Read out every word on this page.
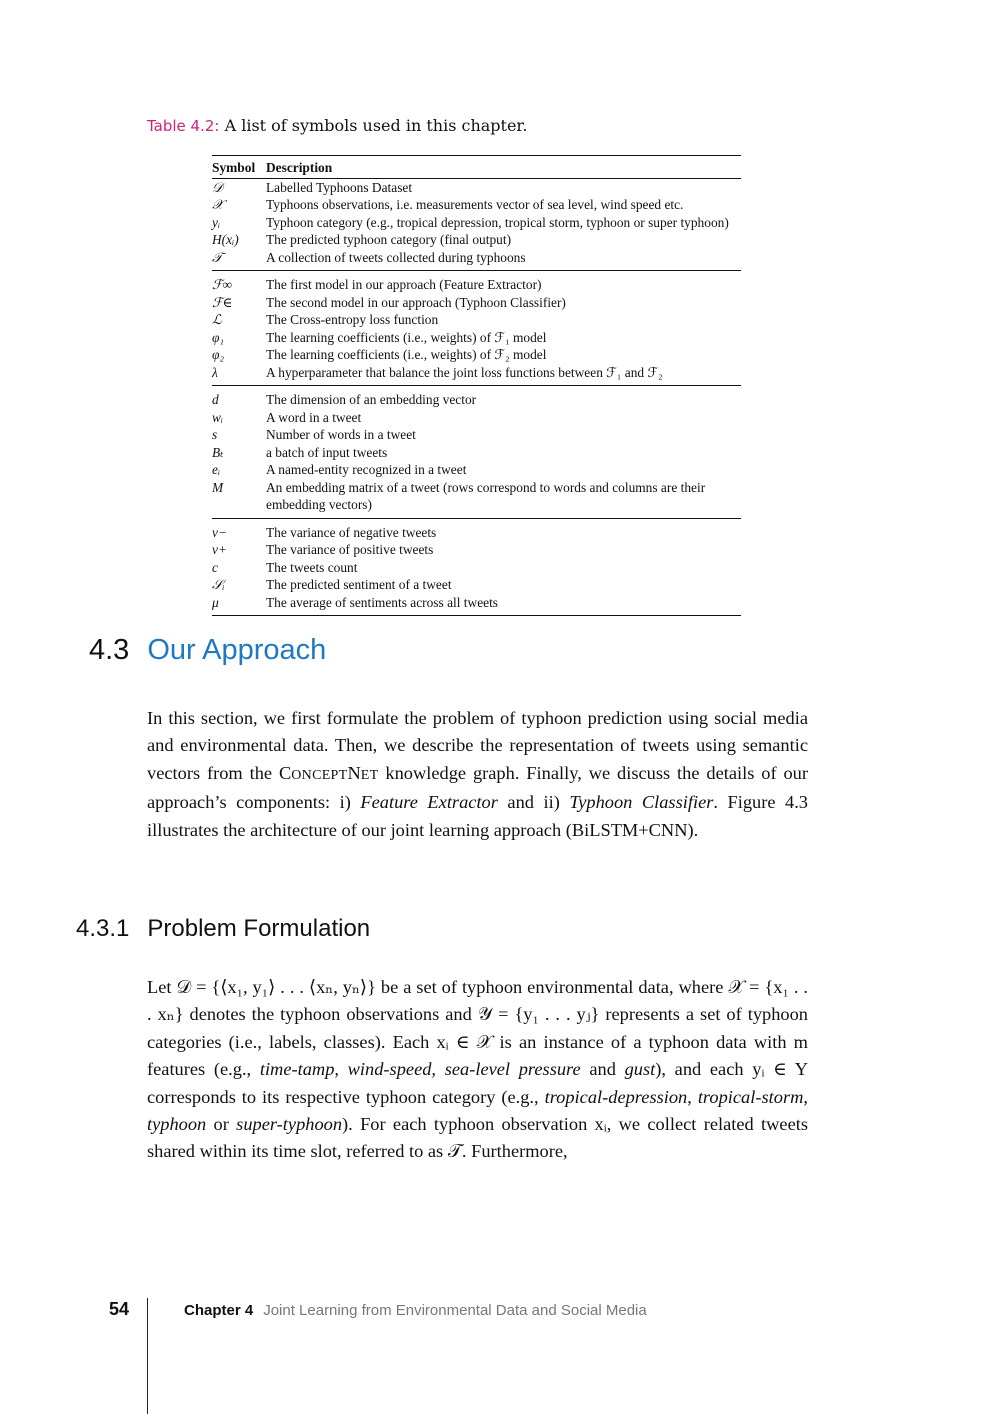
Table 4.2: A list of symbols used in this chapter.
Symbol	Description
𝒟	Labelled Typhoons Dataset
𝒳	Typhoons observations, i.e. measurements vector of sea level, wind speed etc.
yᵢ	Typhoon category (e.g., tropical depression, tropical storm, typhoon or super typhoon)
H(xᵢ)	The predicted typhoon category (final output)
𝒯	A collection of tweets collected during typhoons
ℱ∞	The first model in our approach (Feature Extractor)
ℱ∈	The second model in our approach (Typhoon Classifier)
ℒ	The Cross-entropy loss function
φ₁	The learning coefficients (i.e., weights) of ℱ₁ model
φ₂	The learning coefficients (i.e., weights) of ℱ₂ model
λ	A hyperparameter that balance the joint loss functions between ℱ₁ and ℱ₂
d	The dimension of an embedding vector
wᵢ	A word in a tweet
s	Number of words in a tweet
Bₜ	a batch of input tweets
eᵢ	A named-entity recognized in a tweet
M	An embedding matrix of a tweet (rows correspond to words and columns are their embedding vectors)
v−	The variance of negative tweets
v+	The variance of positive tweets
c	The tweets count
𝒮ᵢ	The predicted sentiment of a tweet
μ	The average of sentiments across all tweets
4.3 Our Approach
In this section, we first formulate the problem of typhoon prediction using social media and environmental data. Then, we describe the representation of tweets using semantic vectors from the CONCEPTNET knowledge graph. Finally, we discuss the details of our approach’s components: i) Feature Extractor and ii) Typhoon Classifier. Figure 4.3 illustrates the architecture of our joint learning approach (BiLSTM+CNN).
4.3.1 Problem Formulation
Let 𝒟 = {⟨x₁, y₁⟩ . . . ⟨xₙ, yₙ⟩} be a set of typhoon environmental data, where 𝒳 = {x₁ . . . xₙ} denotes the typhoon observations and 𝒴 = {y₁ . . . yⱼ} represents a set of typhoon categories (i.e., labels, classes). Each xᵢ ∈ 𝒳 is an instance of a typhoon data with m features (e.g., time-tamp, wind-speed, sea-level pressure and gust), and each yᵢ ∈ Y corresponds to its respective typhoon category (e.g., tropical-depression, tropical-storm, typhoon or super-typhoon). For each typhoon observation xᵢ, we collect related tweets shared within its time slot, referred to as 𝒯. Furthermore,
54	Chapter 4 Joint Learning from Environmental Data and Social Media
